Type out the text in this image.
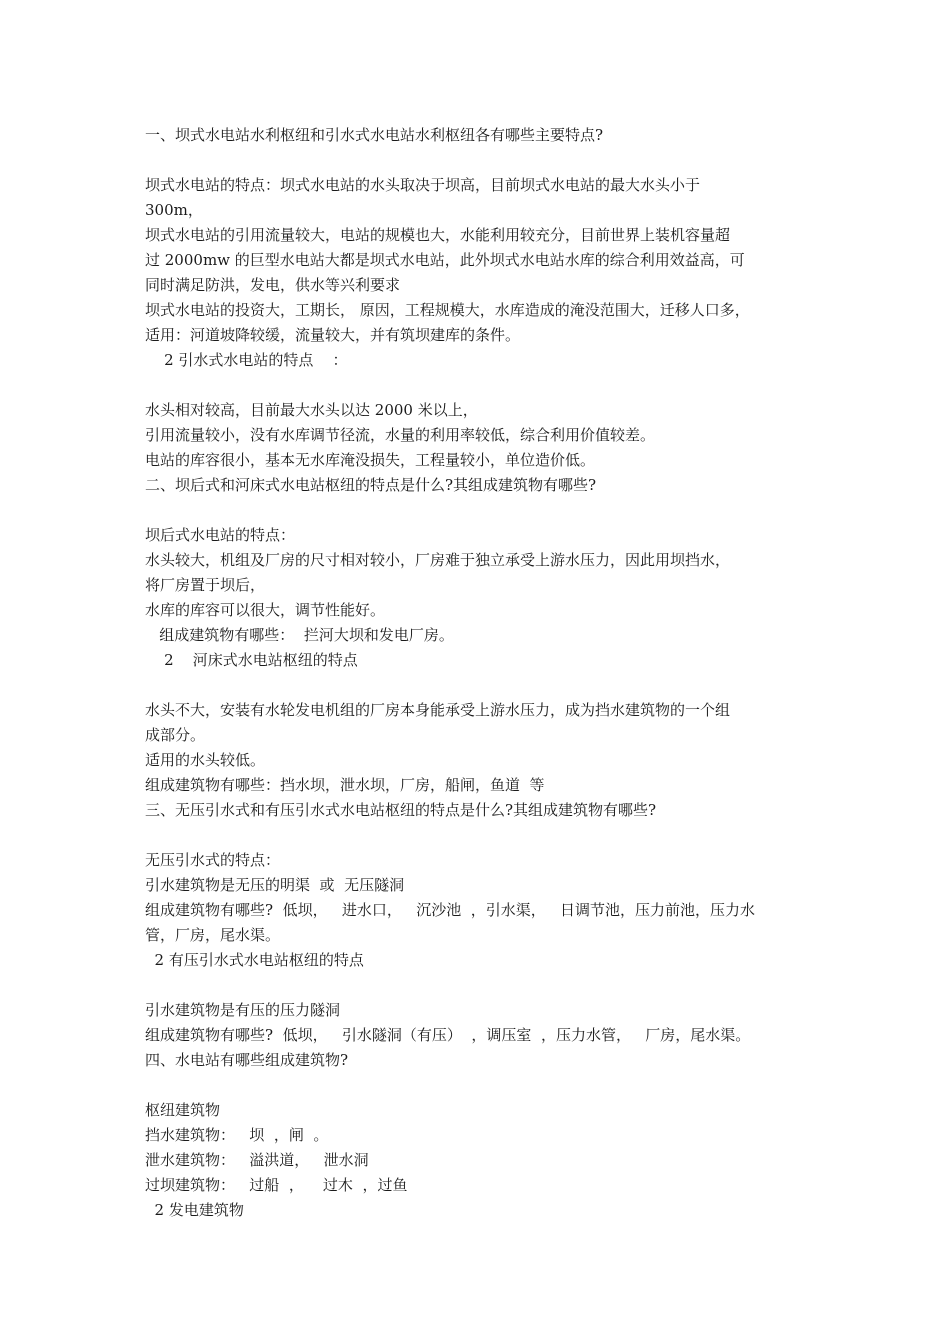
一、坝式水电站水利枢纽和引水式水电站水利枢纽各有哪些主要特点?
坝式水电站的特点：坝式水电站的水头取决于坝高，目前坝式水电站的最大水头小于
300m，
坝式水电站的引用流量较大，电站的规模也大，水能利用较充分，目前世界上装机容量超
过 2000mw 的巨型水电站大都是坝式水电站，此外坝式水电站水库的综合利用效益高，可
同时满足防洪，发电，供水等兴利要求
坝式水电站的投资大，工期长， 原因，工程规模大，水库造成的淹没范围大，迁移人口多，
适用：河道坡降较缓，流量较大，并有筑坝建库的条件。
2 引水式水电站的特点    ：
水头相对较高，目前最大水头以达 2000 米以上，
引用流量较小，没有水库调节径流，水量的利用率较低，综合利用价值较差。
电站的库容很小，基本无水库淹没损失，工程量较小，单位造价低。
二、坝后式和河床式水电站枢纽的特点是什么?其组成建筑物有哪些?
坝后式水电站的特点：
水头较大，机组及厂房的尺寸相对较小，厂房难于独立承受上游水压力，因此用坝挡水，
将厂房置于坝后，
水库的库容可以很大，调节性能好。
组成建筑物有哪些：  拦河大坝和发电厂房。
2    河床式水电站枢纽的特点
水头不大，安装有水轮发电机组的厂房本身能承受上游水压力，成为挡水建筑物的一个组
成部分。
适用的水头较低。
组成建筑物有哪些：挡水坝，泄水坝，厂房，船闸，鱼道  等
三、无压引水式和有压引水式水电站枢纽的特点是什么?其组成建筑物有哪些?
无压引水式的特点：
引水建筑物是无压的明渠  或  无压隧洞
组成建筑物有哪些?  低坝，   进水口，   沉沙池  ，引水渠，   日调节池，压力前池，压力水
管，厂房，尾水渠。
2 有压引水式水电站枢纽的特点
引水建筑物是有压的压力隧洞
组成建筑物有哪些?  低坝，   引水隧洞（有压）  ，调压室  ，压力水管，   厂房，尾水渠。
四、水电站有哪些组成建筑物?
枢纽建筑物
挡水建筑物：   坝  ，闸  。
泄水建筑物：   溢洪道，   泄水洞
过坝建筑物：   过船  ，    过木  ，过鱼
2 发电建筑物
